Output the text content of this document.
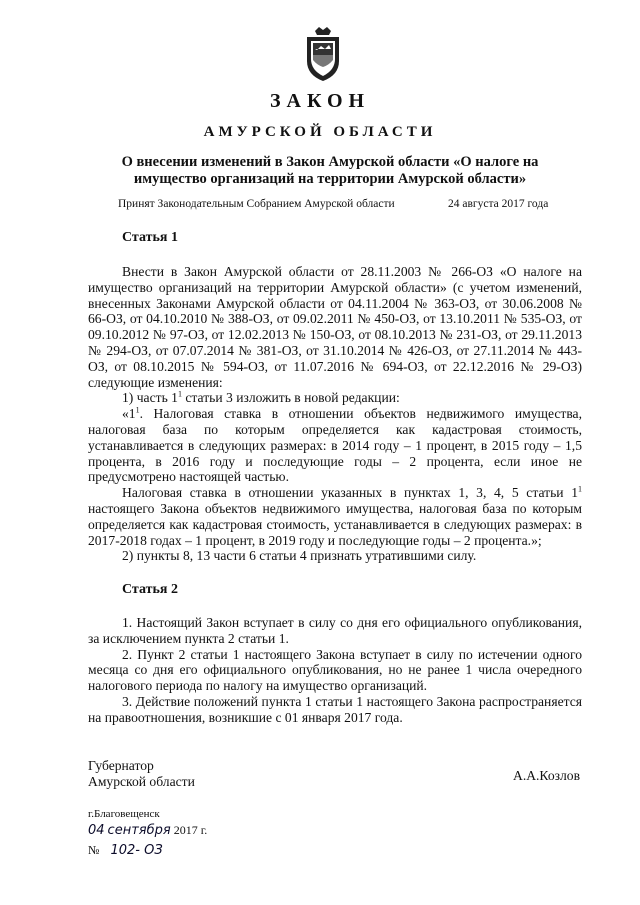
ЗАКОН
АМУРСКОЙ ОБЛАСТИ
О внесении изменений в Закон Амурской области «О налоге на
имущество организаций на территории Амурской области»
Принят Законодательным Собранием Амурской области	24 августа 2017 года
Статья 1
Внести в Закон Амурской области от 28.11.2003 № 266-ОЗ «О налоге на имущество организаций на территории Амурской области» (с учетом изменений, внесенных Законами Амурской области от 04.11.2004 № 363-ОЗ, от 30.06.2008 № 66-ОЗ, от 04.10.2010 № 388-ОЗ, от 09.02.2011 № 450-ОЗ, от 13.10.2011 № 535-ОЗ, от 09.10.2012 № 97-ОЗ, от 12.02.2013 № 150-ОЗ, от 08.10.2013 № 231-ОЗ, от 29.11.2013 № 294-ОЗ, от 07.07.2014 № 381-ОЗ, от 31.10.2014 № 426-ОЗ, от 27.11.2014 № 443-ОЗ, от 08.10.2015 № 594-ОЗ, от 11.07.2016 № 694-ОЗ, от 22.12.2016 № 29-ОЗ) следующие изменения:
1) часть $1^1$ статьи 3 изложить в новой редакции:
«$1^1$. Налоговая ставка в отношении объектов недвижимого имущества, налоговая база по которым определяется как кадастровая стоимость, устанавливается в следующих размерах: в 2014 году – 1 процент, в 2015 году – 1,5 процента, в 2016 году и последующие годы – 2 процента, если иное не предусмотрено настоящей частью.
Налоговая ставка в отношении указанных в пунктах 1, 3, 4, 5 статьи $1^1$ настоящего Закона объектов недвижимого имущества, налоговая база по которым определяется как кадастровая стоимость, устанавливается в следующих размерах: в 2017-2018 годах – 1 процент, в 2019 году и последующие годы – 2 процента.»;
2) пункты 8, 13 части 6 статьи 4 признать утратившими силу.
Статья 2
1. Настоящий Закон вступает в силу со дня его официального опубликования, за исключением пункта 2 статьи 1.
2. Пункт 2 статьи 1 настоящего Закона вступает в силу по истечении одного месяца со дня его официального опубликования, но не ранее 1 числа очередного налогового периода по налогу на имущество организаций.
3. Действие положений пункта 1 статьи 1 настоящего Закона распространяется на правоотношения, возникшие с 01 января 2017 года.
Губернатор
Амурской области	А.А.Козлов
г.Благовещенск
04 сентября 2017 г.
№ 102- ОЗ
